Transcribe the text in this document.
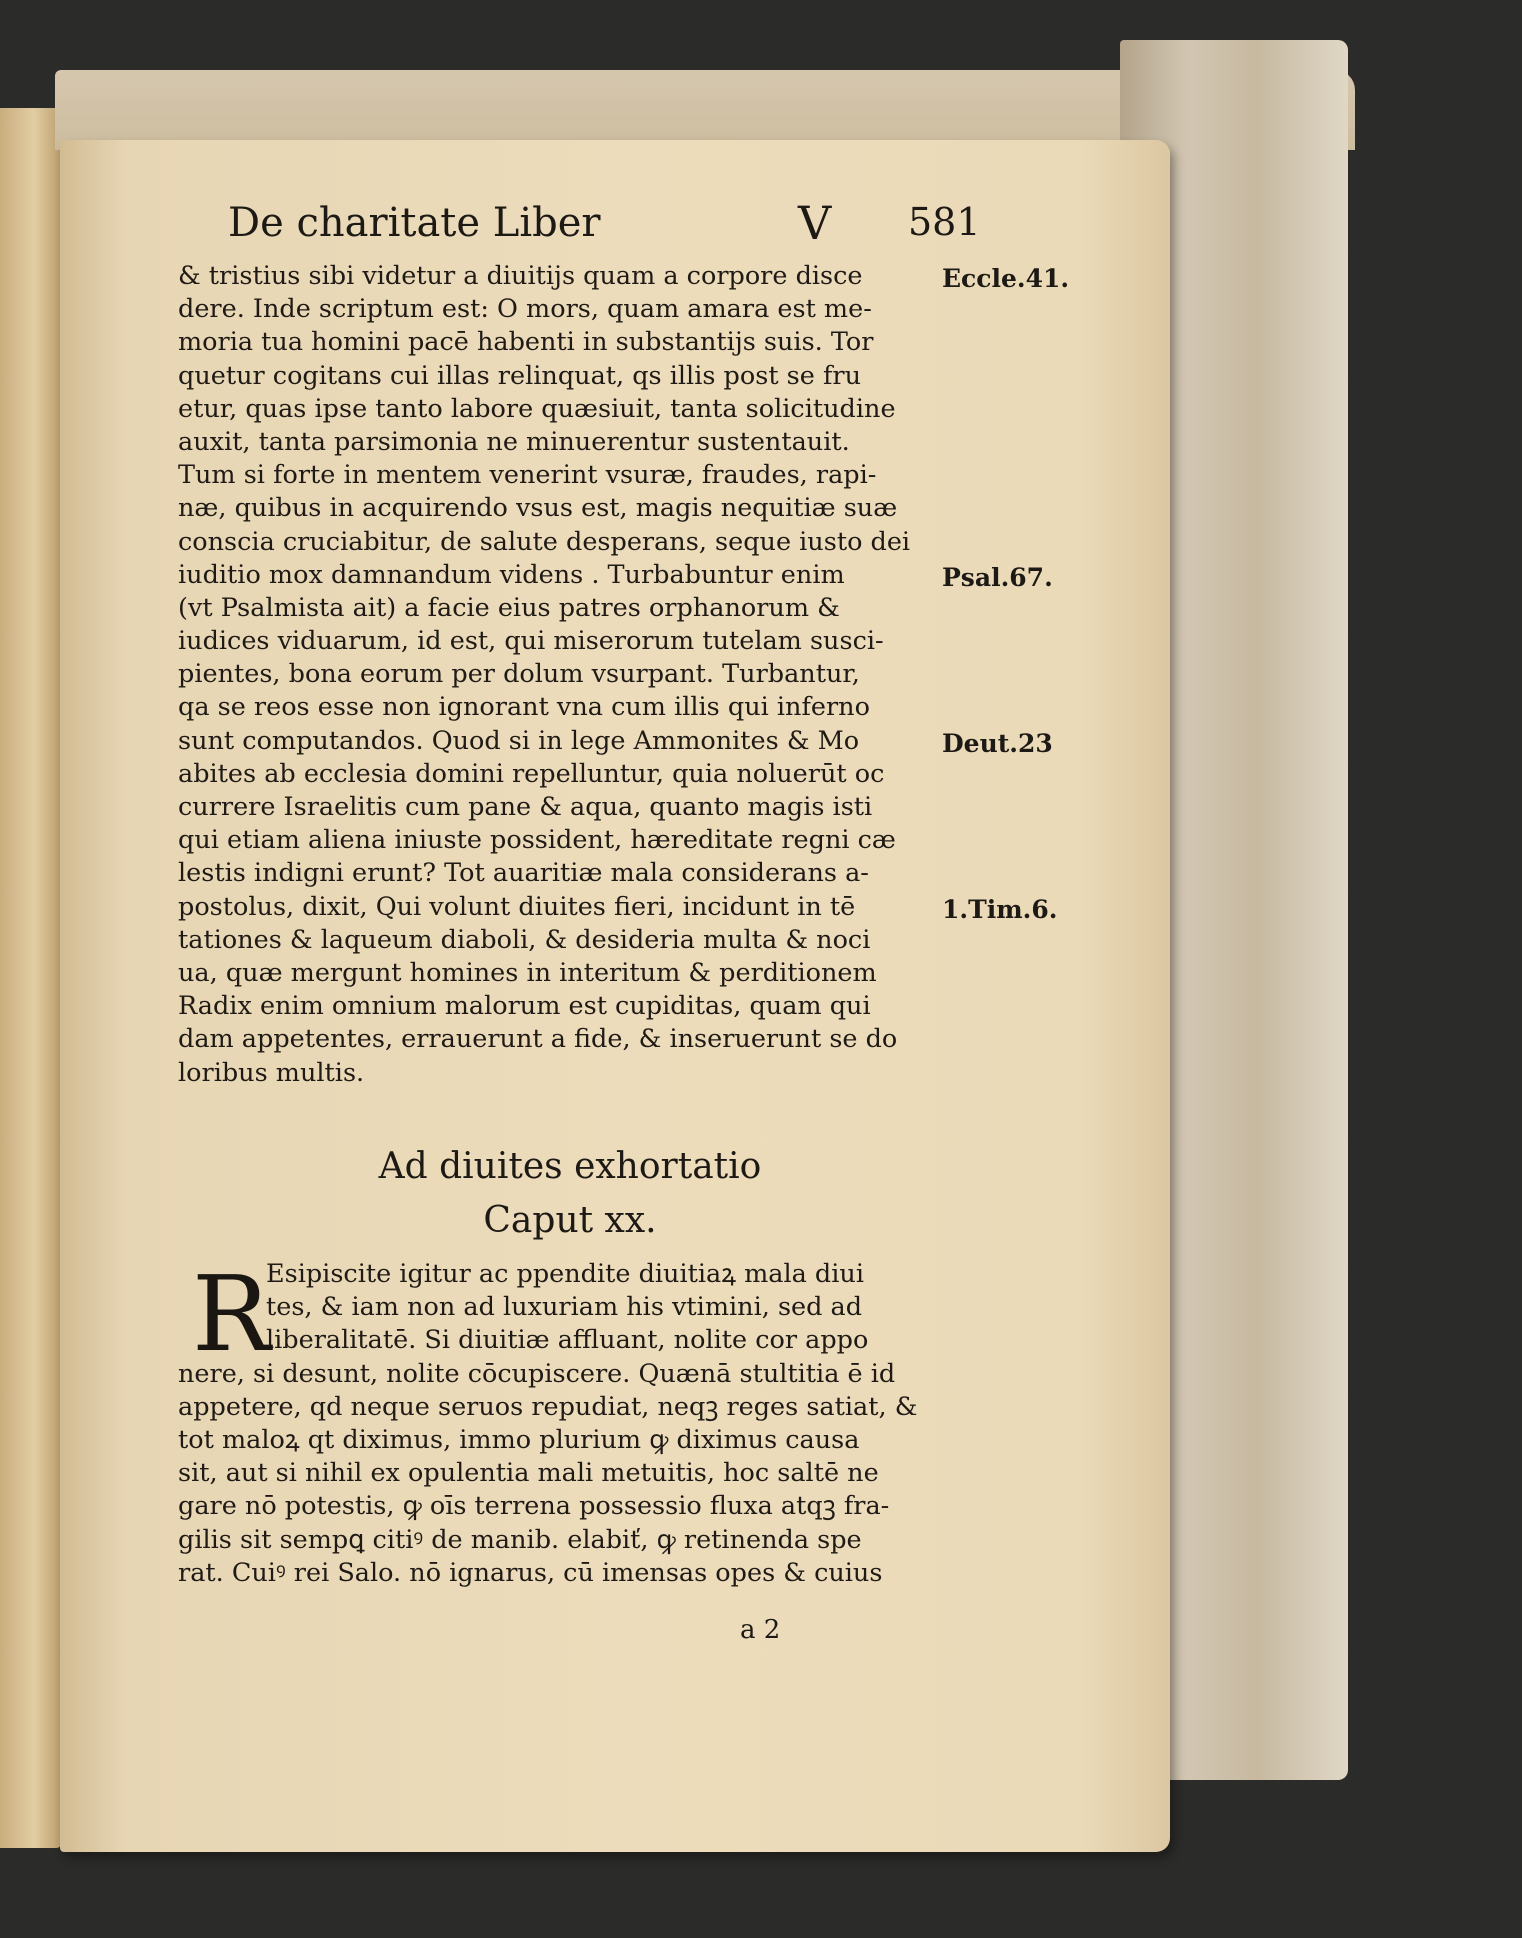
De charitate Liber	V 581
& tristius sibi videtur a diuitijs quam a corpore disce
dere. Inde scriptum est: O mors, quam amara est me-
moria tua homini pacē habenti in substantijs suis. Tor
quetur cogitans cui illas relinquat, qs illis post se fru
etur, quas ipse tanto labore quæsiuit, tanta solicitudine
auxit, tanta parsimonia ne minuerentur sustentauit.
Tum si forte in mentem venerint vsuræ, fraudes, rapi-
næ, quibus in acquirendo vsus est, magis nequitiæ suæ
conscia cruciabitur, de salute desperans, seque iusto dei
iuditio mox damnandum videns . Turbabuntur enim
(vt Psalmista ait) a facie eius patres orphanorum &
iudices viduarum, id est, qui miserorum tutelam susci-
pientes, bona eorum per dolum vsurpant. Turbantur,
qa se reos esse non ignorant vna cum illis qui inferno
sunt computandos. Quod si in lege Ammonites & Mo
abites ab ecclesia domini repelluntur, quia noluerūt oc
currere Israelitis cum pane & aqua, quanto magis isti
qui etiam aliena iniuste possident, hæreditate regni cæ
lestis indigni erunt? Tot auaritiæ mala considerans a-
postolus, dixit, Qui volunt diuites fieri, incidunt in tē
tationes & laqueum diaboli, & desideria multa & noci
ua, quæ mergunt homines in interitum & perditionem
Radix enim omnium malorum est cupiditas, quam qui
dam appetentes, errauerunt a fide, & inseruerunt se do
loribus multis.
Ad diuites exhortatio
Caput xx.
R
Esipiscite igitur ac ppendite diuitiaꝝ mala diui
tes, & iam non ad luxuriam his vtimini, sed ad
liberalitatē. Si diuitiæ affluant, nolite cor appo
nere, si desunt, nolite cōcupiscere. Quænā stultitia ē id
appetere, qd neque seruos repudiat, neqꝫ reges satiat, &
tot maloꝝ qt diximus, immo plurium ꝙ diximus causa
sit, aut si nihil ex opulentia mali metuitis, hoc saltē ne
gare nō potestis, ꝙ oīs terrena possessio fluxa atqꝫ fra-
gilis sit sempꝗ citiꝰ de manib. elabiť, ꝙ retinenda spe
rat. Cuiꝰ rei Salo. nō ignarus, cū imensas opes & cuius
Eccle.41.
Psal.67.
Deut.23
1.Tim.6.
a 2
